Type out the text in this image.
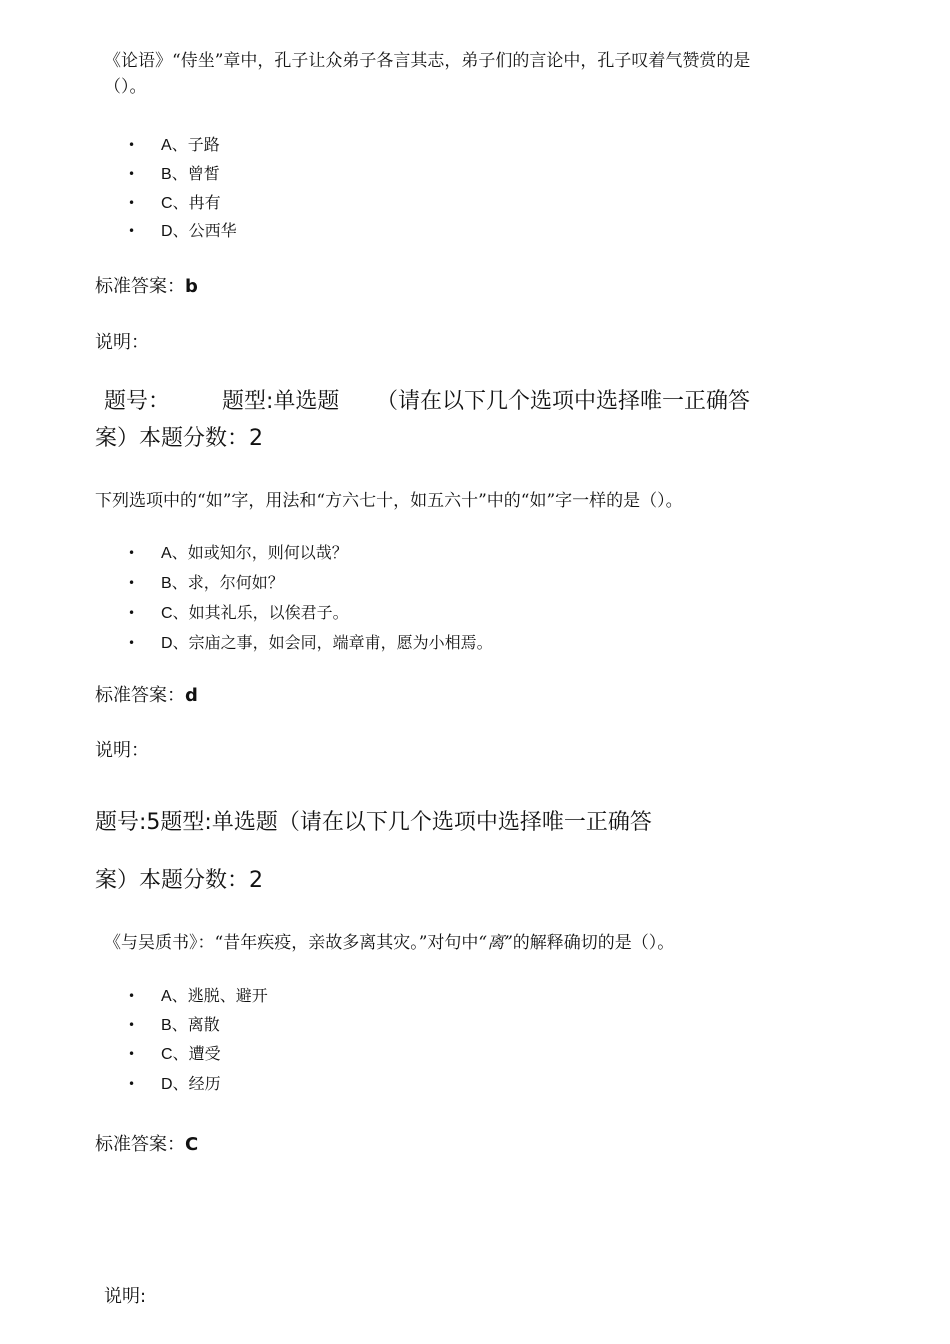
《论语》“侍坐”章中，孔子让众弟子各言其志，弟子们的言论中，孔子叹着气赞赏的是
（）。
• A、子路
• B、曾皙
• C、冉有
• D、公西华
标准答案：b
说明：
题号： 题型:单选题 （请在以下几个选项中选择唯一正确答
案）本题分数：2
下列选项中的“如”字，用法和“方六七十，如五六十”中的“如”字一样的是（）。
• A、如或知尔，则何以哉？
• B、求，尔何如？
• C、如其礼乐，以俟君子。
• D、宗庙之事，如会同，端章甫，愿为小相焉。
标准答案：d
说明：
题号:5题型:单选题（请在以下几个选项中选择唯一正确答
案）本题分数：2
《与吴质书》：“昔年疾疫，亲故多离其灾。”对句中“离”的解释确切的是（）。
• A、逃脱、避开
• B、离散
• C、遭受
• D、经历
标准答案：C
说明:
